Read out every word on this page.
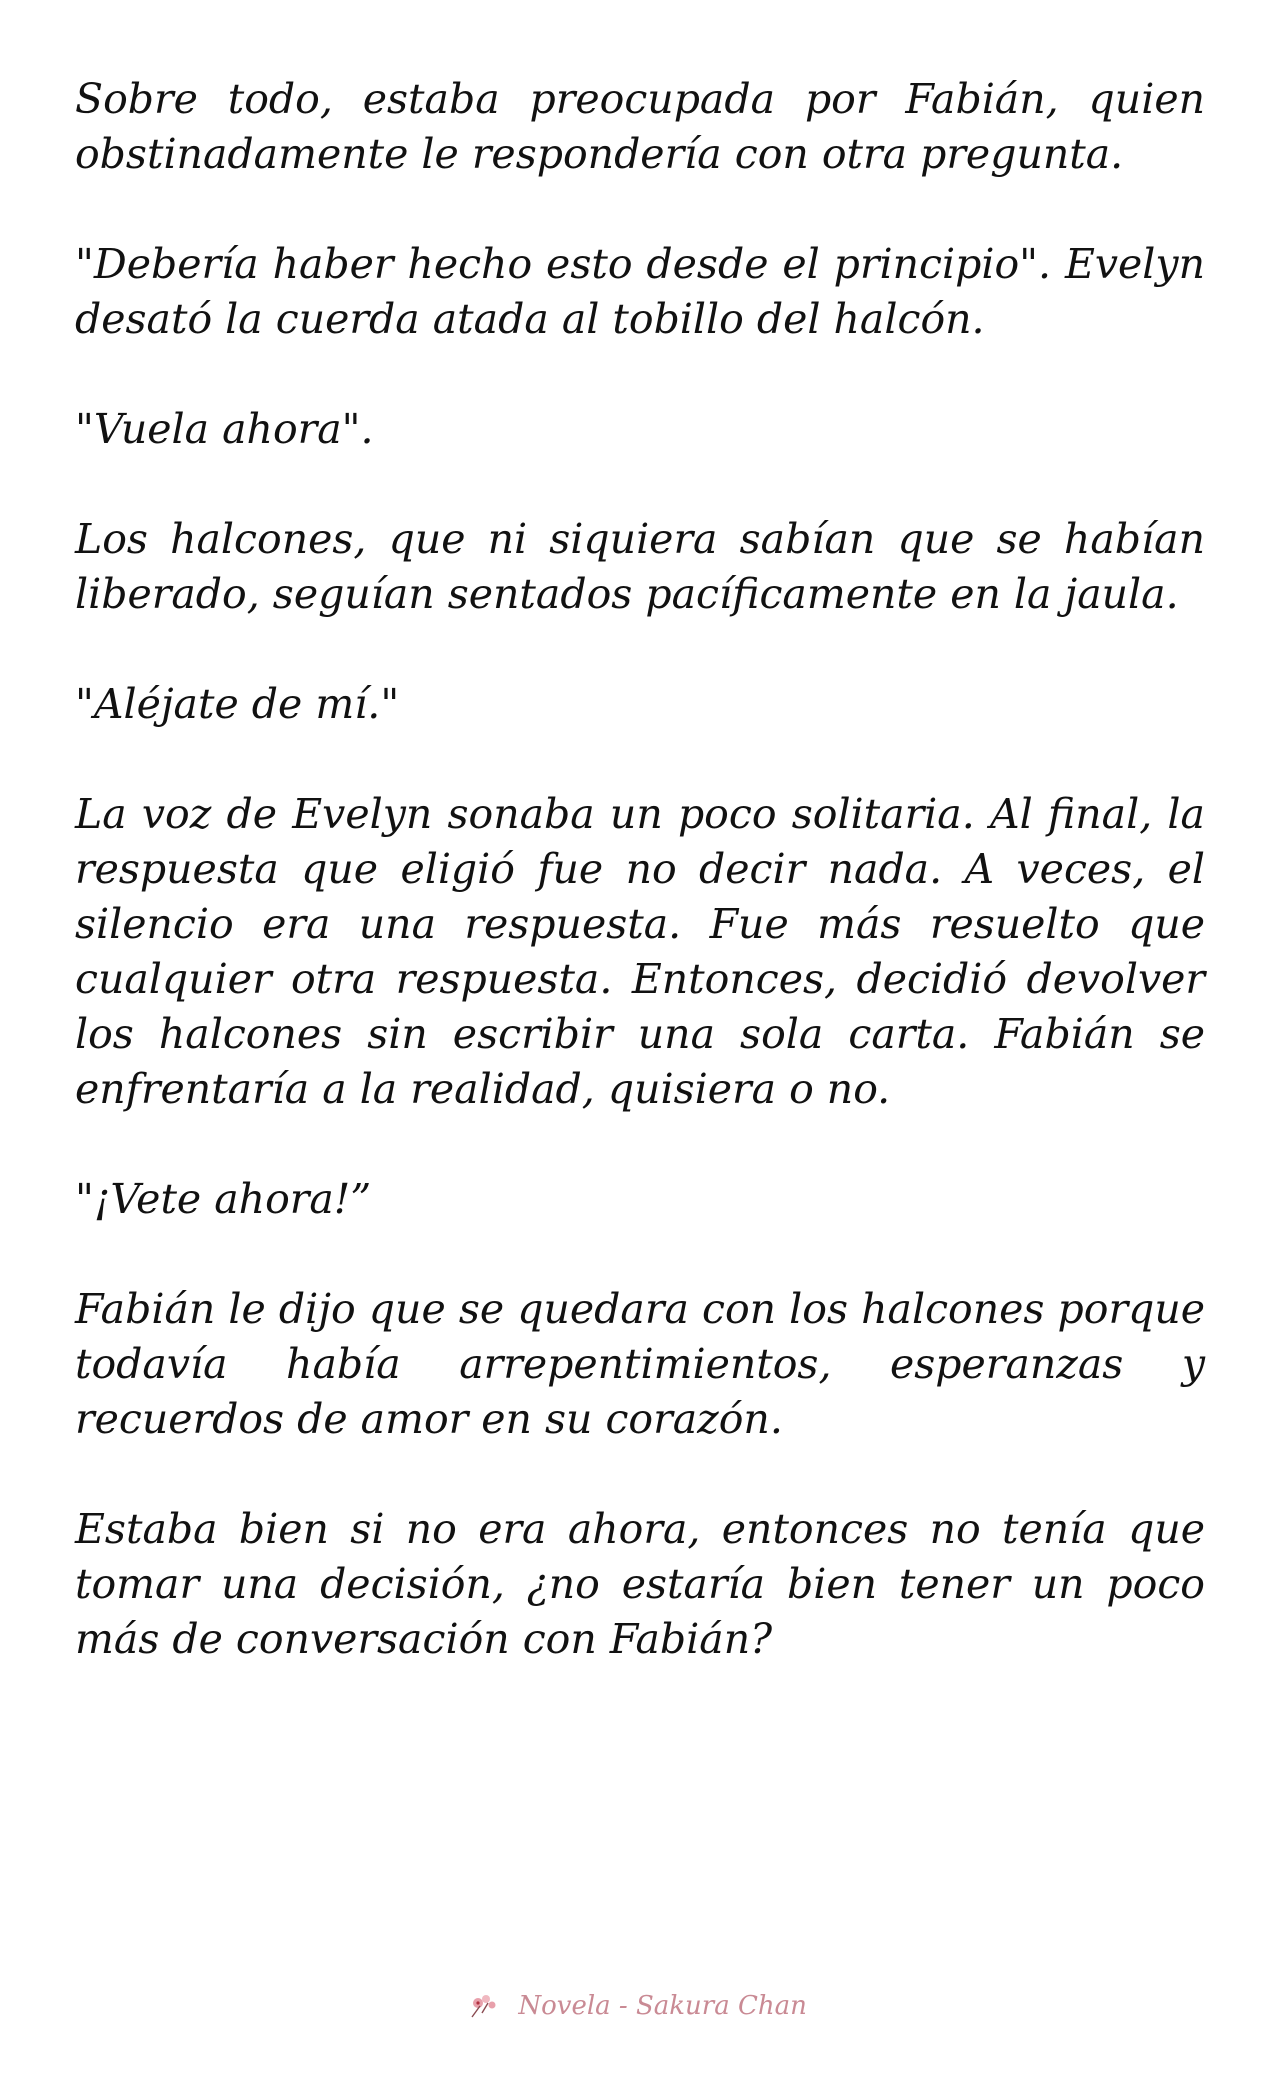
Sobre todo, estaba preocupada por Fabián, quien obstinadamente le respondería con otra pregunta.

"Debería haber hecho esto desde el principio". Evelyn desató la cuerda atada al tobillo del halcón.

"Vuela ahora".

Los halcones, que ni siquiera sabían que se habían liberado, seguían sentados pacíficamente en la jaula.

"Aléjate de mí."

La voz de Evelyn sonaba un poco solitaria. Al final, la respuesta que eligió fue no decir nada. A veces, el silencio era una respuesta. Fue más resuelto que cualquier otra respuesta. Entonces, decidió devolver los halcones sin escribir una sola carta. Fabián se enfrentaría a la realidad, quisiera o no.

"¡Vete ahora!”

Fabián le dijo que se quedara con los halcones porque todavía había arrepentimientos, esperanzas y recuerdos de amor en su corazón.

Estaba bien si no era ahora, entonces no tenía que tomar una decisión, ¿no estaría bien tener un poco más de conversación con Fabián?

Novela - Sakura Chan
